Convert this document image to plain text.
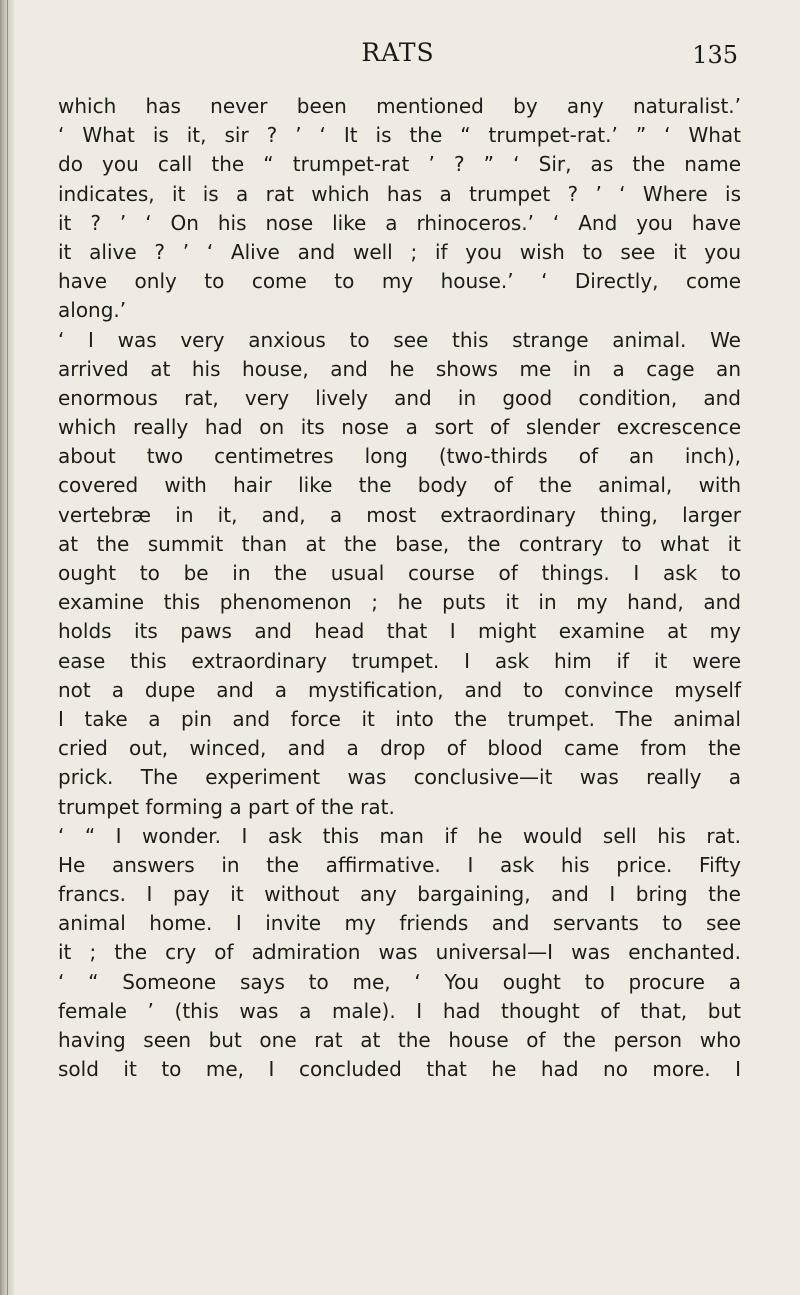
RATS	135
which has never been mentioned by any naturalist.’
‘ What is it, sir ? ’ ‘ It is the “ trumpet-rat.’ ” ‘ What
do you call the “ trumpet-rat ’ ? ” ‘ Sir, as the name
indicates, it is a rat which has a trumpet ? ’ ‘ Where is
it ? ’ ‘ On his nose like a rhinoceros.’ ‘ And you have
it alive ? ’ ‘ Alive and well ; if you wish to see it you
have only to come to my house.’ ‘ Directly, come
along.’
‘ I was very anxious to see this strange animal. We
arrived at his house, and he shows me in a cage an
enormous rat, very lively and in good condition, and
which really had on its nose a sort of slender excrescence
about two centimetres long (two-thirds of an inch),
covered with hair like the body of the animal, with
vertebræ in it, and, a most extraordinary thing, larger
at the summit than at the base, the contrary to what it
ought to be in the usual course of things. I ask to
examine this phenomenon ; he puts it in my hand, and
holds its paws and head that I might examine at my
ease this extraordinary trumpet. I ask him if it were
not a dupe and a mystification, and to convince myself
I take a pin and force it into the trumpet. The animal
cried out, winced, and a drop of blood came from the
prick. The experiment was conclusive—it was really a
trumpet forming a part of the rat.
‘ “ I wonder. I ask this man if he would sell his rat.
He answers in the affirmative. I ask his price. Fifty
francs. I pay it without any bargaining, and I bring the
animal home. I invite my friends and servants to see
it ; the cry of admiration was universal—I was enchanted.
‘ “ Someone says to me, ‘ You ought to procure a
female ’ (this was a male). I had thought of that, but
having seen but one rat at the house of the person who
sold it to me, I concluded that he had no more. I
